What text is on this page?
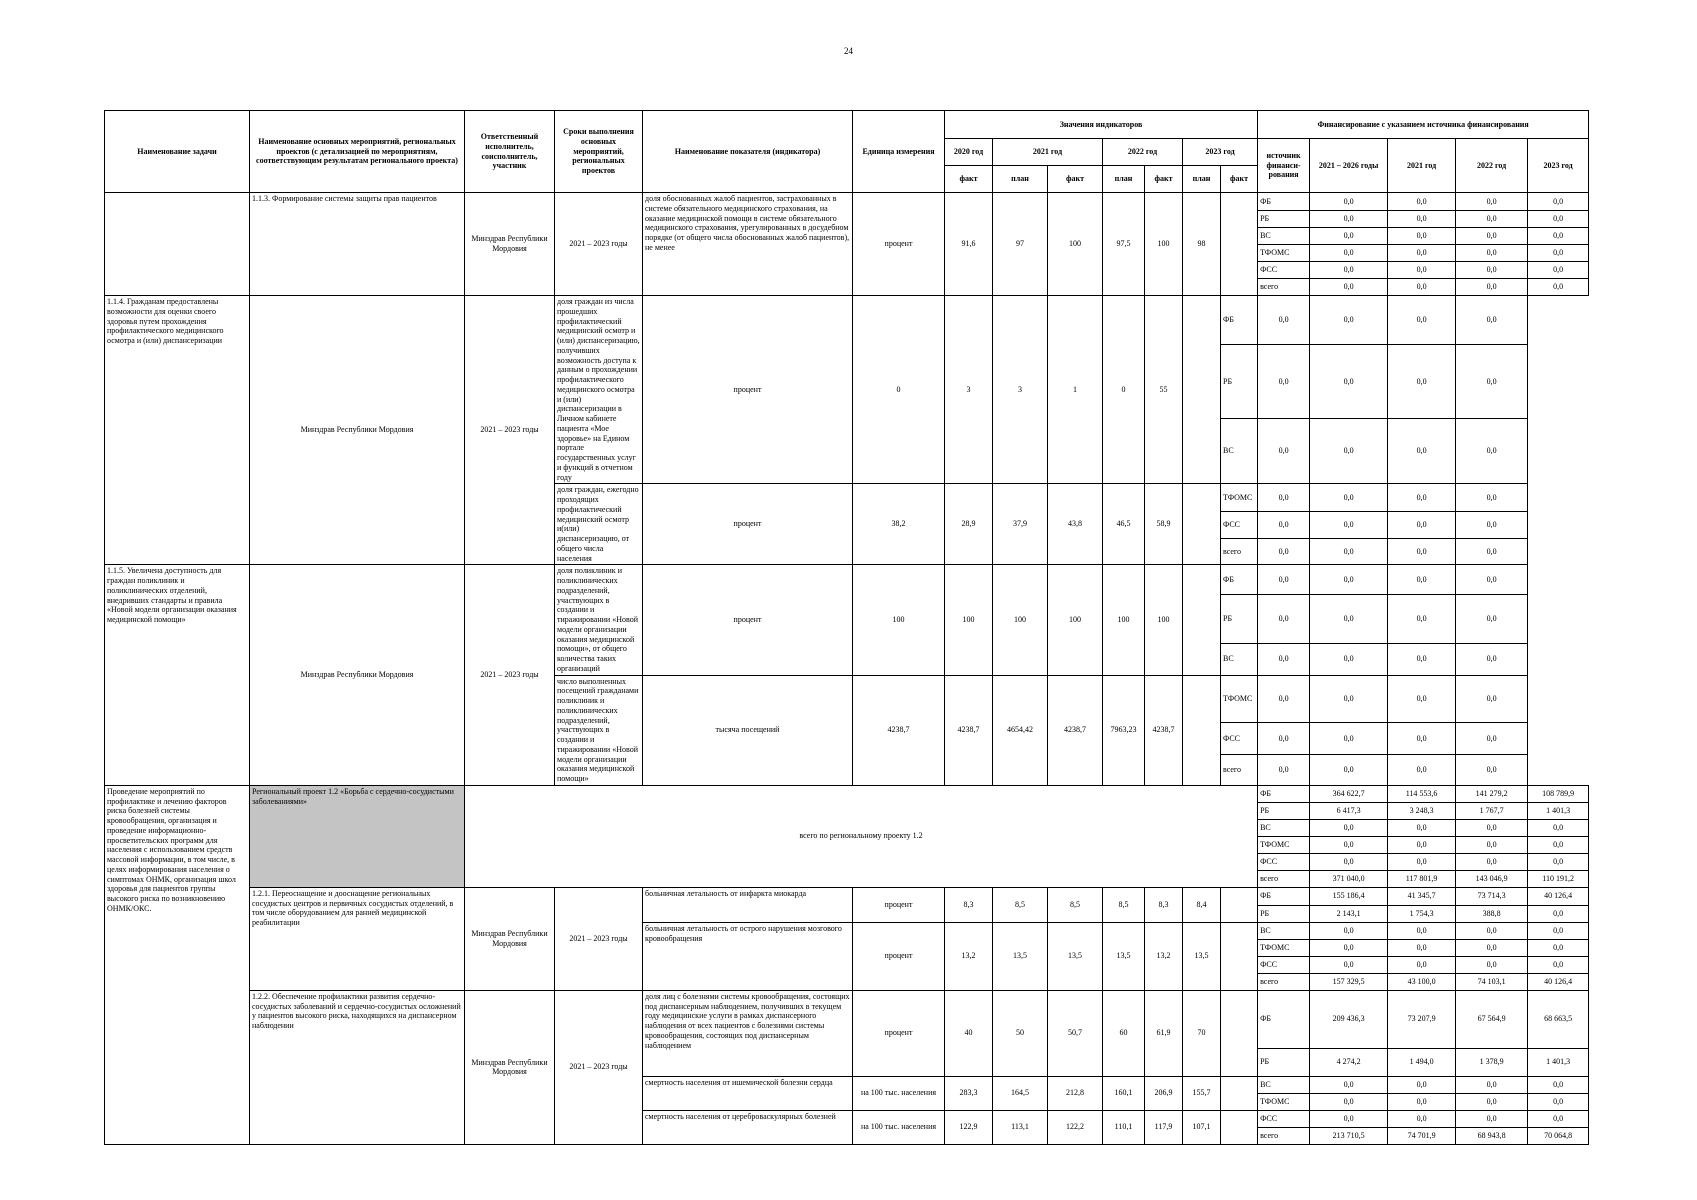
24
Наименование задачи	Наименование основных мероприятий, региональных проектов (с детализацией по мероприятиям, соответствующим результатам регионального проекта)	Ответственный исполнитель, соисполнитель, участник	Сроки выполнения основных мероприятий, региональных проектов	Наименование показателя (индикатора)	Единица измерения	Значения индикаторов							Финансирование с указанием источника финансирования				
						2020 год	2021 год		2022 год		2023 год		источник финанси-рования	2021 – 2026 годы	2021 год	2022 год	2023 год
						факт	план	факт	план	факт	план	факт					
	1.1.3. Формирование системы защиты прав пациентов	Минздрав Республики Мордовия	2021 – 2023 годы	доля обоснованных жалоб пациентов, застрахованных в системе обязательного медицинского страхования, на оказание медицинской помощи в системе обязательного медицинского страхования, урегулированных в досудебном порядке (от общего числа обоснованных жалоб пациентов), не менее	процент	91,6	97	100	97,5	100	98		ФБ	0,0	0,0	0,0	0,0
													РБ	0,0	0,0	0,0	0,0
													ВС	0,0	0,0	0,0	0,0
													ТФОМС	0,0	0,0	0,0	0,0
													ФСС	0,0	0,0	0,0	0,0
													всего	0,0	0,0	0,0	0,0
1.1.4. Гражданам предоставлены возможности для оценки своего здоровья путем прохождения профилактического медицинского осмотра и (или) диспансеризации	Минздрав Республики Мордовия	2021 – 2023 годы	доля граждан из числа прошедших профилактический медицинский осмотр и (или) диспансеризацию, получивших возможность доступа к данным о прохождении профилактического медицинского осмотра и (или) диспансеризации в Личном кабинете пациента «Мое здоровье» на Едином портале государственных услуг и функций в отчетном году	процент	0	3	3	1	0	55		ФБ	0,0	0,0	0,0	0,0	
												РБ	0,0	0,0	0,0	0,0	
												ВС	0,0	0,0	0,0	0,0	
			доля граждан, ежегодно проходящих профилактический медицинский осмотр и(или) диспансеризацию, от общего числа населения	процент	38,2	28,9	37,9	43,8	46,5	58,9		ТФОМС	0,0	0,0	0,0	0,0	
												ФСС	0,0	0,0	0,0	0,0	
												всего	0,0	0,0	0,0	0,0	
1.1.5. Увеличена доступность для граждан поликлиник и поликлинических отделений, внедривших стандарты и правила «Новой модели организации оказания медицинской помощи»	Минздрав Республики Мордовия	2021 – 2023 годы	доля поликлиник и поликлинических подразделений, участвующих в создании и тиражировании «Новой модели организации оказания медицинской помощи», от общего количества таких организаций	процент	100	100	100	100	100	100		ФБ	0,0	0,0	0,0	0,0	
												РБ	0,0	0,0	0,0	0,0	
												ВС	0,0	0,0	0,0	0,0	
			число выполненных посещений гражданами поликлиник и поликлинических подразделений, участвующих в создании и тиражировании «Новой модели организации оказания медицинской помощи»	тысяча посещений	4238,7	4238,7	4654,42	4238,7	7963,23	4238,7		ТФОМС	0,0	0,0	0,0	0,0	
												ФСС	0,0	0,0	0,0	0,0	
												всего	0,0	0,0	0,0	0,0	
Проведение мероприятий по профилактике и лечению факторов риска болезней системы кровообращения, организация и проведение информационно-просветительских программ для населения с использованием средств массовой информации, в том числе, в целях информирования населения о симптомах ОНМК, организация школ здоровья для пациентов группы высокого риска по возникновению ОНМК/ОКС.	Региональный проект 1.2 «Борьба с сердечно-сосудистыми заболеваниями»	всего по региональному проекту 1.2											ФБ	364 622,7	114 553,6	141 279,2	108 789,9
													РБ	6 417,3	3 248,3	1 767,7	1 401,3
													ВС	0,0	0,0	0,0	0,0
													ТФОМС	0,0	0,0	0,0	0,0
													ФСС	0,0	0,0	0,0	0,0
													всего	371 040,0	117 801,9	143 046,9	110 191,2
	1.2.1. Переоснащение и дооснащение региональных сосудистых центров и первичных сосудистых отделений, в том числе оборудованием для ранней медицинской реабилитации	Минздрав Республики Мордовия	2021 – 2023 годы	больничная летальность от инфаркта миокарда	процент	8,3	8,5	8,5	8,5	8,3	8,4		ФБ	155 186,4	41 345,7	73 714,3	40 126,4
													РБ	2 143,1	1 754,3	388,8	0,0
				больничная летальность от острого нарушения мозгового кровообращения	процент	13,2	13,5	13,5	13,5	13,2	13,5		ВС	0,0	0,0	0,0	0,0
													ТФОМС	0,0	0,0	0,0	0,0
													ФСС	0,0	0,0	0,0	0,0
													всего	157 329,5	43 100,0	74 103,1	40 126,4
	1.2.2. Обеспечение профилактики развития сердечно-сосудистых заболеваний и сердечно-сосудистых осложнений у пациентов высокого риска, находящихся на диспансерном наблюдении	Минздрав Республики Мордовия	2021 – 2023 годы	доля лиц с болезнями системы кровообращения, состоящих под диспансерным наблюдением, получивших в текущем году медицинские услуги в рамках диспансерного наблюдения от всех пациентов с болезнями системы кровообращения, состоящих под диспансерным наблюдением	процент	40	50	50,7	60	61,9	70		ФБ	209 436,3	73 207,9	67 564,9	68 663,5
													РБ	4 274,2	1 494,0	1 378,9	1 401,3
				смертность населения от ишемической болезни сердца	на 100 тыс. населения	283,3	164,5	212,8	160,1	206,9	155,7		ВС	0,0	0,0	0,0	0,0
													ТФОМС	0,0	0,0	0,0	0,0
				смертность населения от цереброваскулярных болезней	на 100 тыс. населения	122,9	113,1	122,2	110,1	117,9	107,1		ФСС	0,0	0,0	0,0	0,0
													всего	213 710,5	74 701,9	68 943,8	70 064,8
